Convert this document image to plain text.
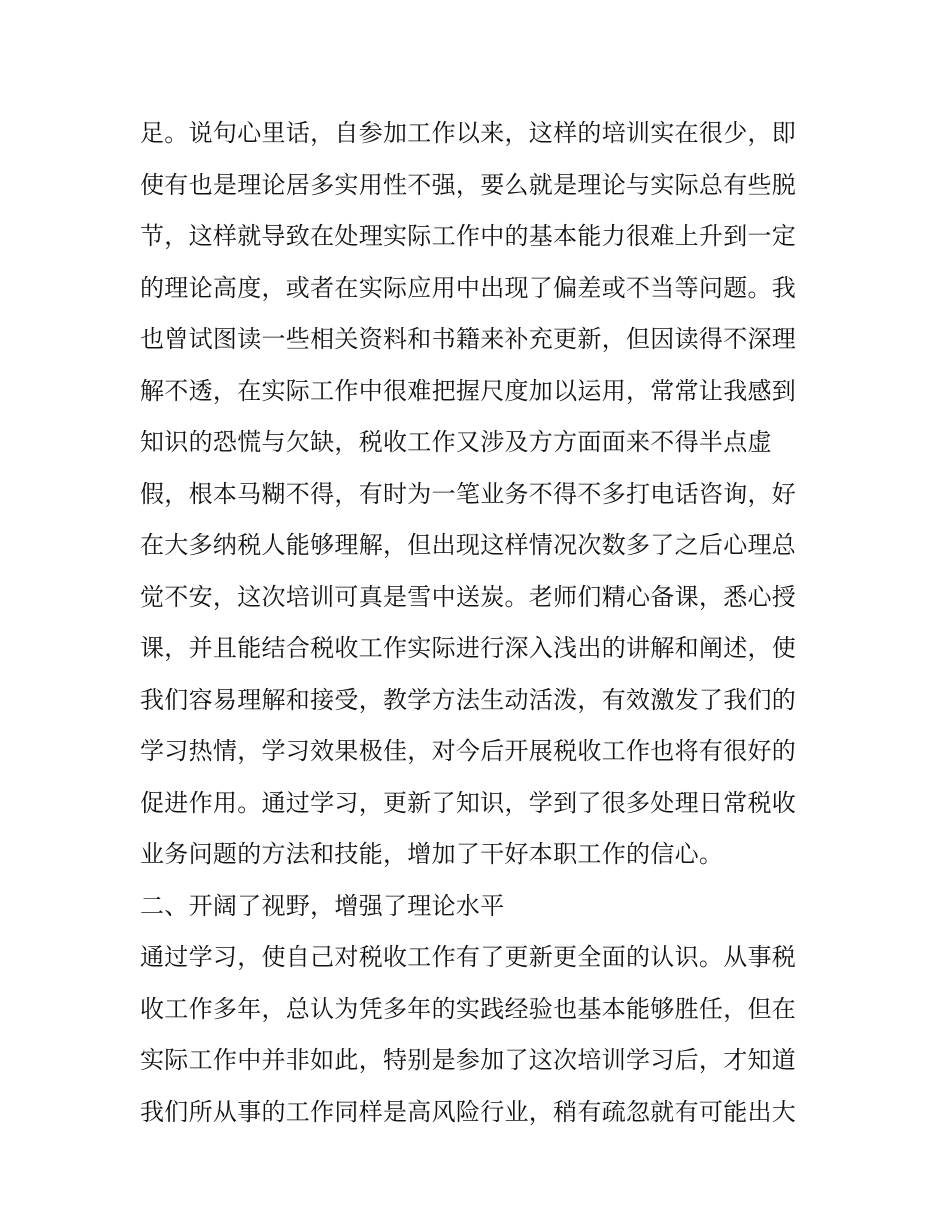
足。说句心里话，自参加工作以来，这样的培训实在很少，即
使有也是理论居多实用性不强，要么就是理论与实际总有些脱
节，这样就导致在处理实际工作中的基本能力很难上升到一定
的理论高度，或者在实际应用中出现了偏差或不当等问题。我
也曾试图读一些相关资料和书籍来补充更新，但因读得不深理
解不透，在实际工作中很难把握尺度加以运用，常常让我感到
知识的恐慌与欠缺，税收工作又涉及方方面面来不得半点虚
假，根本马糊不得，有时为一笔业务不得不多打电话咨询，好
在大多纳税人能够理解，但出现这样情况次数多了之后心理总
觉不安，这次培训可真是雪中送炭。老师们精心备课，悉心授
课，并且能结合税收工作实际进行深入浅出的讲解和阐述，使
我们容易理解和接受，教学方法生动活泼，有效激发了我们的
学习热情，学习效果极佳，对今后开展税收工作也将有很好的
促进作用。通过学习，更新了知识，学到了很多处理日常税收
业务问题的方法和技能，增加了干好本职工作的信心。
二、开阔了视野，增强了理论水平
通过学习，使自己对税收工作有了更新更全面的认识。从事税
收工作多年，总认为凭多年的实践经验也基本能够胜任，但在
实际工作中并非如此，特别是参加了这次培训学习后，才知道
我们所从事的工作同样是高风险行业，稍有疏忽就有可能出大
